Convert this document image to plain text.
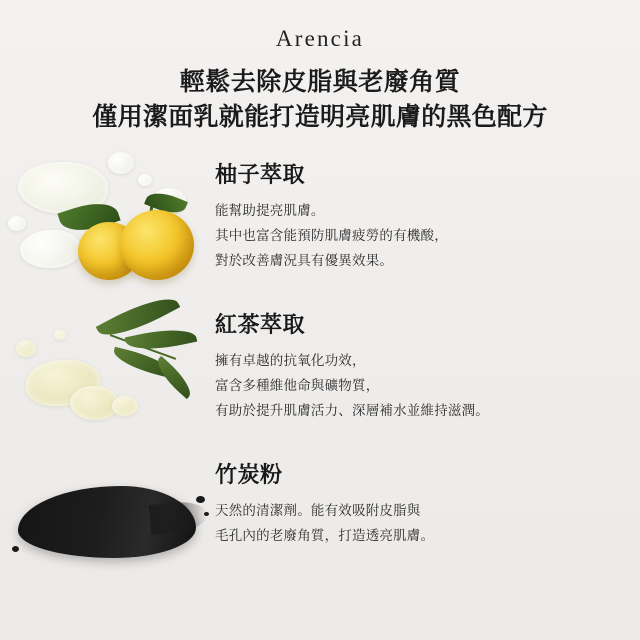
Arencia
輕鬆去除皮脂與老廢角質
僅用潔面乳就能打造明亮肌膚的黑色配方
柚子萃取
能幫助提亮肌膚。
其中也富含能預防肌膚疲勞的有機酸，
對於改善膚況具有優異效果。
紅茶萃取
擁有卓越的抗氧化功效，
富含多種維他命與礦物質，
有助於提升肌膚活力、深層補水並維持滋潤。
竹炭粉
天然的清潔劑。能有效吸附皮脂與
毛孔內的老廢角質，打造透亮肌膚。
